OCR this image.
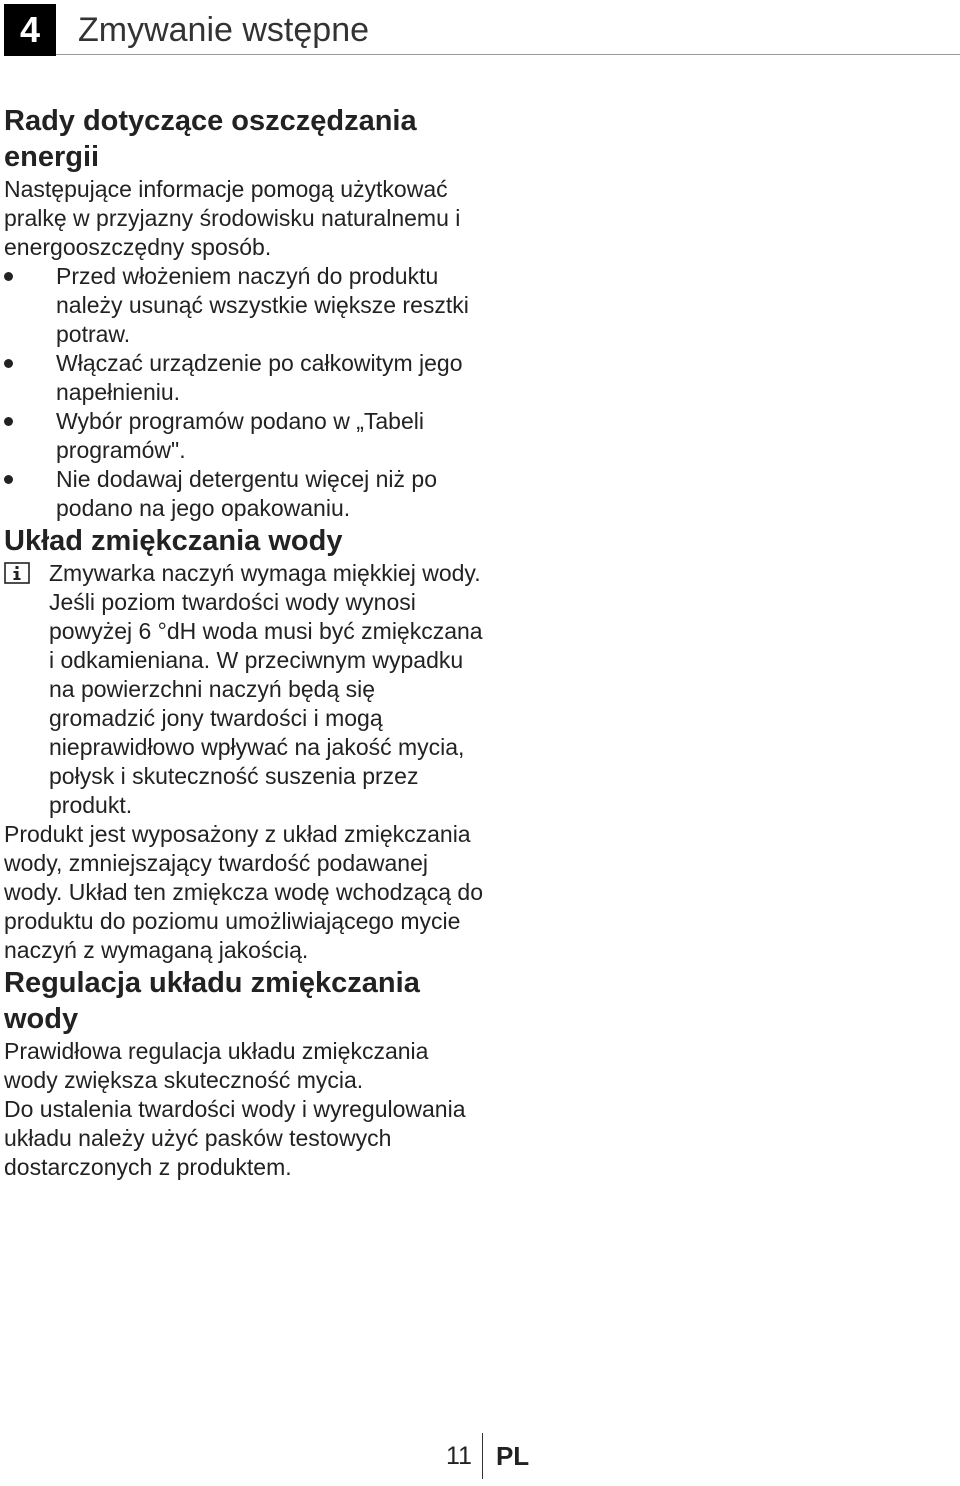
4	Zmywanie wstępne
Rady dotyczące oszczędzania energii

Następujące informacje pomogą użytkować pralkę w przyjazny środowisku naturalnemu i energooszczędny sposób.

Przed włożeniem naczyń do produktu należy usunąć wszystkie większe resztki potraw.
Włączać urządzenie po całkowitym jego napełnieniu.
Wybór programów podano w „Tabeli programów".
Nie dodawaj detergentu więcej niż po podano na jego opakowaniu.
Układ zmiękczania wody
Zmywarka naczyń wymaga miękkiej wody. Jeśli poziom twardości wody wynosi powyżej 6 °dH woda musi być zmiękczana i odkamieniana. W przeciwnym wypadku na powierzchni naczyń będą się gromadzić jony twardości i mogą nieprawidłowo wpływać na jakość mycia, połysk i skuteczność suszenia przez produkt.

Produkt jest wyposażony z układ zmiękczania wody, zmniejszający twardość podawanej wody. Układ ten zmiękcza wodę wchodzącą do produktu do poziomu umożliwiającego mycie naczyń z wymaganą jakością.

Regulacja układu zmiękczania wody

Prawidłowa regulacja układu zmiękczania wody zwiększa skuteczność mycia.

Do ustalenia twardości wody i wyregulowania układu należy użyć pasków testowych dostarczonych z produktem.

11 PL
